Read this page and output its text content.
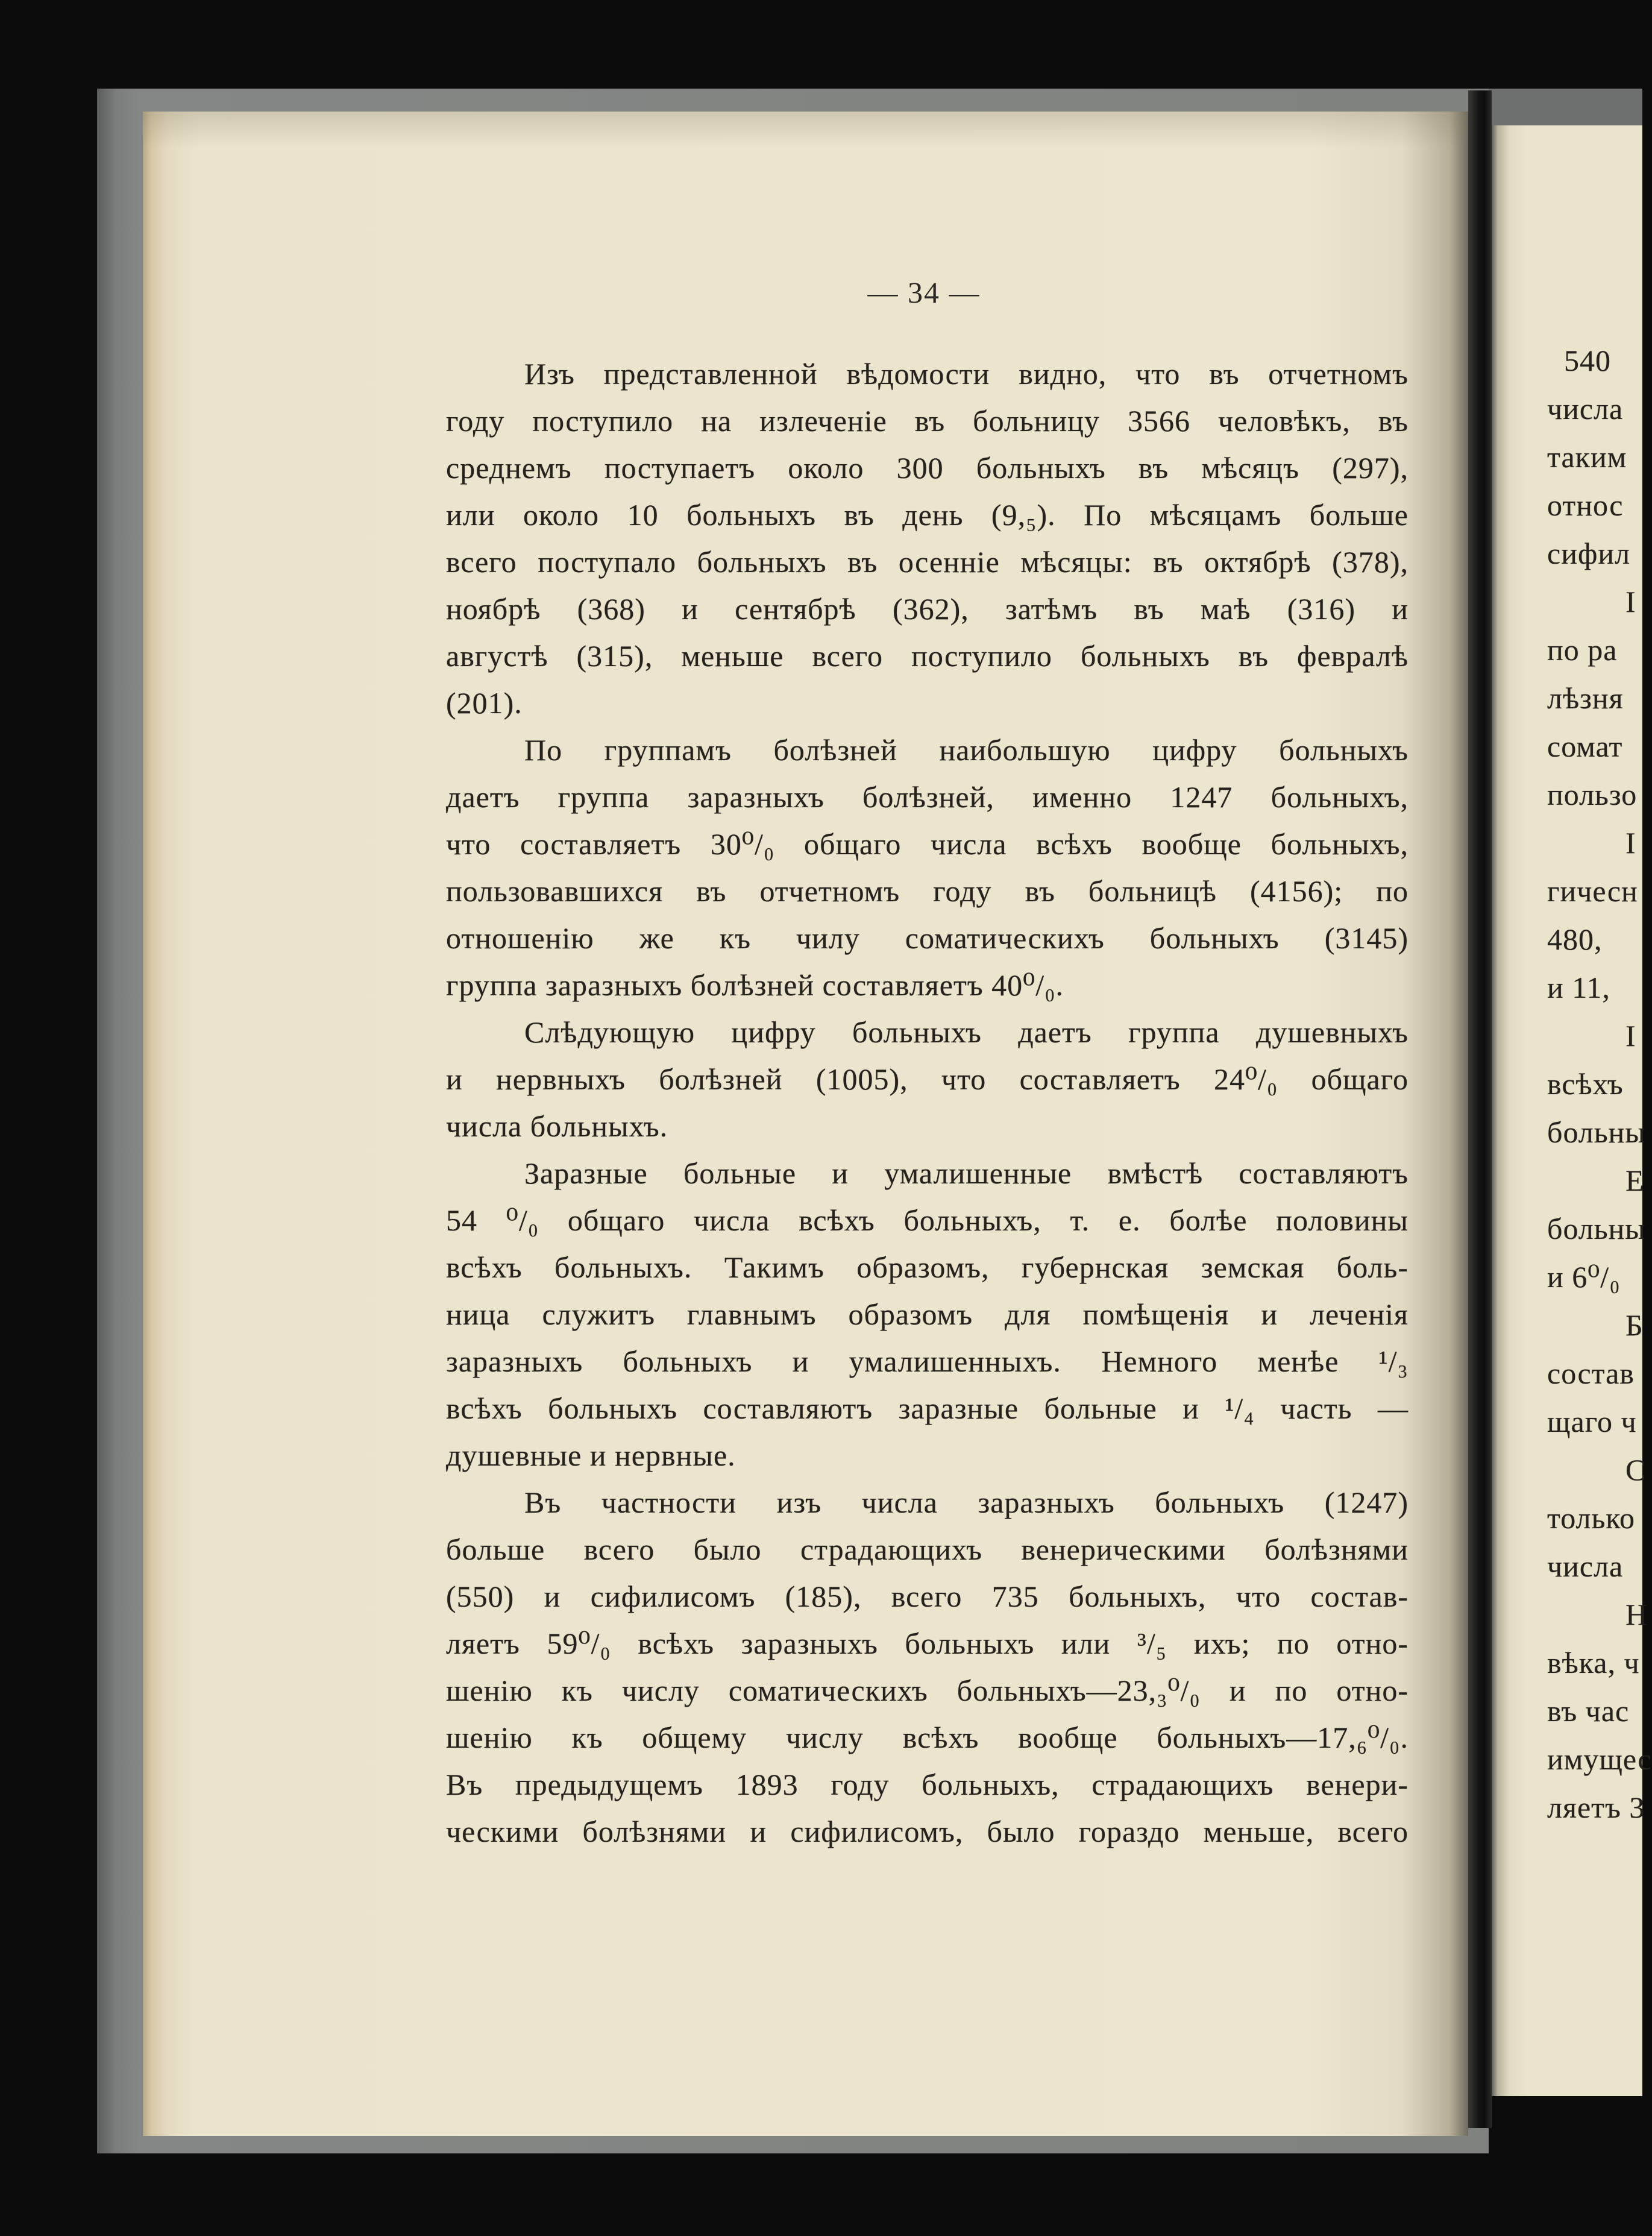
— 34 —
Изъ представленной вѣдомости видно, что въ отчетномъ
году поступило на излеченіе въ больницу 3566 человѣкъ, въ
среднемъ поступаетъ около 300 больныхъ въ мѣсяцъ (297),
или около 10 больныхъ въ день (9,₅). По мѣсяцамъ больше
всего поступало больныхъ въ осенніе мѣсяцы: въ октябрѣ (378),
ноябрѣ (368) и сентябрѣ (362), затѣмъ въ маѣ (316) и
августѣ (315), меньше всего поступило больныхъ въ февралѣ
(201).
По группамъ болѣзней наибольшую цифру больныхъ
даетъ группа заразныхъ болѣзней, именно 1247 больныхъ,
что составляетъ 30⁰/₀ общаго числа всѣхъ вообще больныхъ,
пользовавшихся въ отчетномъ году въ больницѣ (4156); по
отношенію же къ чилу соматическихъ больныхъ (3145)
группа заразныхъ болѣзней составляетъ 40⁰/₀.
Слѣдующую цифру больныхъ даетъ группа душевныхъ
и нервныхъ болѣзней (1005), что составляетъ 24⁰/₀ общаго
числа больныхъ.
Заразные больные и умалишенные вмѣстѣ составляютъ
54 ⁰/₀ общаго числа всѣхъ больныхъ, т. е. болѣе половины
всѣхъ больныхъ. Такимъ образомъ, губернская земская боль-
ница служитъ главнымъ образомъ для помѣщенія и леченія
заразныхъ больныхъ и умалишенныхъ. Немного менѣе ¹/₃
всѣхъ больныхъ составляютъ заразные больные и ¹/₄ часть —
душевные и нервные.
Въ частности изъ числа заразныхъ больныхъ (1247)
больше всего было страдающихъ венерическими болѣзнями
(550) и сифилисомъ (185), всего 735 больныхъ, что состав-
ляетъ 59⁰/₀ всѣхъ заразныхъ больныхъ или ³/₅ ихъ; по отно-
шенію къ числу соматическихъ больныхъ—23,₃⁰/₀ и по отно-
шенію къ общему числу всѣхъ вообще больныхъ—17,₆⁰/₀.
Въ предыдущемъ 1893 году больныхъ, страдающихъ венери-
ческими болѣзнями и сифилисомъ, было гораздо меньше, всего
540
числа
таким
относ
сифил
I
по ра
лѣзня
сомат
пользо
I
гичесн
480,
и 11,
I
всѣхъ
больны
Е
больны
и 6⁰/₀
Б
состав
щаго ч
С
только
числа
Н
вѣка, ч
въ час
имущес
ляетъ 3
